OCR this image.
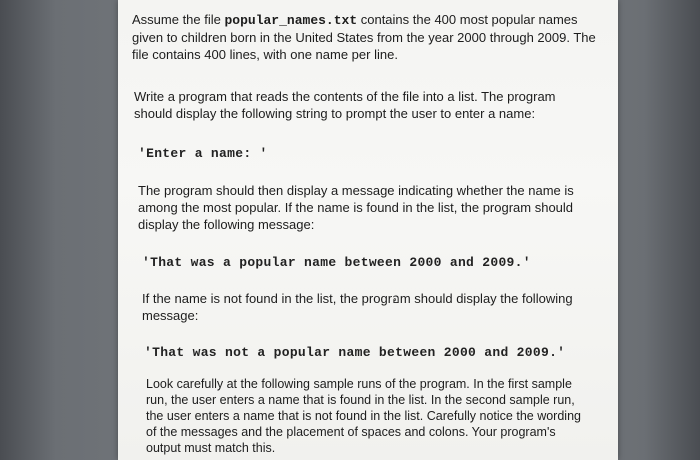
Assume the file popular_names.txt contains the 400 most popular names given to children born in the United States from the year 2000 through 2009. The file contains 400 lines, with one name per line.

Write a program that reads the contents of the file into a list. The program should display the following string to prompt the user to enter a name:

'Enter a name: '

The program should then display a message indicating whether the name is among the most popular. If the name is found in the list, the program should display the following message:

'That was a popular name between 2000 and 2009.'

If the name is not found in the list, the progrอm should display the following message:

'That was not a popular name between 2000 and 2009.'

Look carefully at the following sample runs of the program. In the first sample run, the user enters a name that is found in the list. In the second sample run, the user enters a name that is not found in the list. Carefully notice the wording of the messages and the placement of spaces and colons. Your program's output must match this.
